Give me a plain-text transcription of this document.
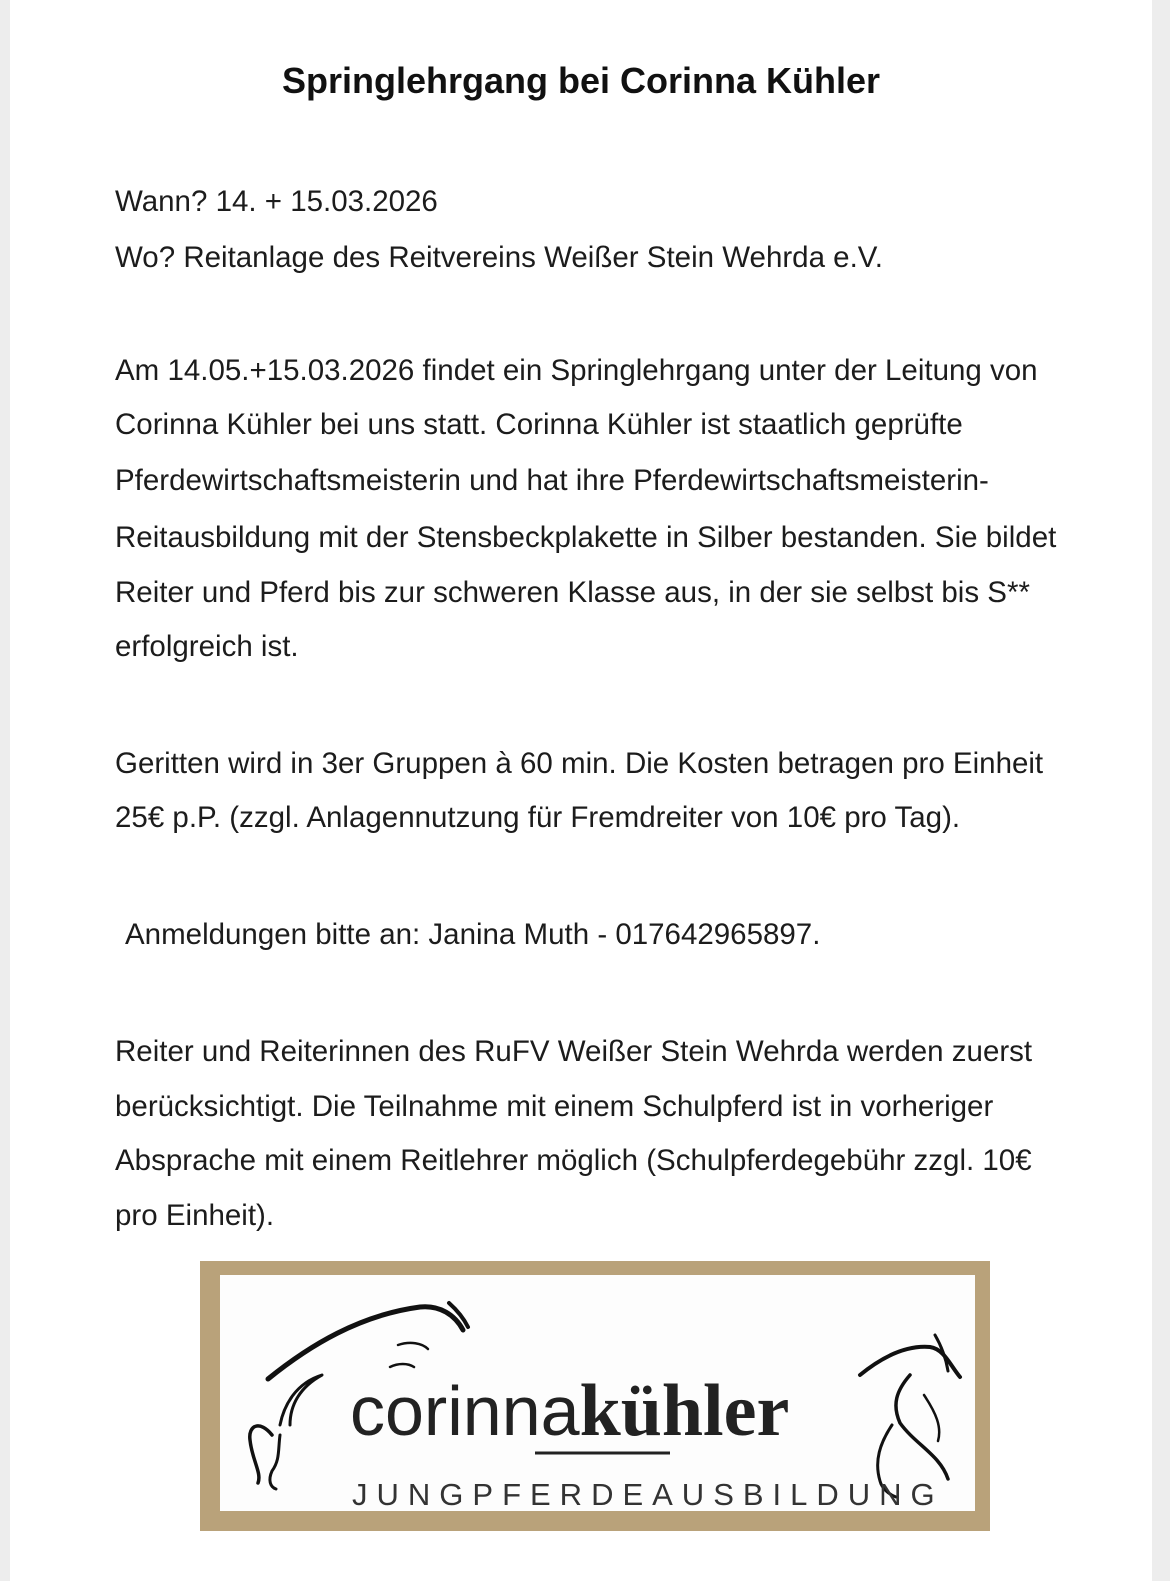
Springlehrgang bei Corinna Kühler

Wann? 14. + 15.03.2026

Wo? Reitanlage des Reitvereins Weißer Stein Wehrda e.V.

Am 14.05.+15.03.2026 findet ein Springlehrgang unter der Leitung von

Corinna Kühler bei uns statt. Corinna Kühler ist staatlich geprüfte

Pferdewirtschaftsmeisterin und hat ihre Pferdewirtschaftsmeisterin-

Reitausbildung mit der Stensbeckplakette in Silber bestanden. Sie bildet

Reiter und Pferd bis zur schweren Klasse aus, in der sie selbst bis S**

erfolgreich ist.

Geritten wird in 3er Gruppen à 60 min. Die Kosten betragen pro Einheit

25€ p.P. (zzgl. Anlagennutzung für Fremdreiter von 10€ pro Tag).

Anmeldungen bitte an: Janina Muth - 017642965897.

Reiter und Reiterinnen des RuFV Weißer Stein Wehrda werden zuerst

berücksichtigt. Die Teilnahme mit einem Schulpferd ist in vorheriger

Absprache mit einem Reitlehrer möglich (Schulpferdegebühr zzgl. 10€

pro Einheit).

corinnakühler
JUNGPFERDEAUSBILDUNG
